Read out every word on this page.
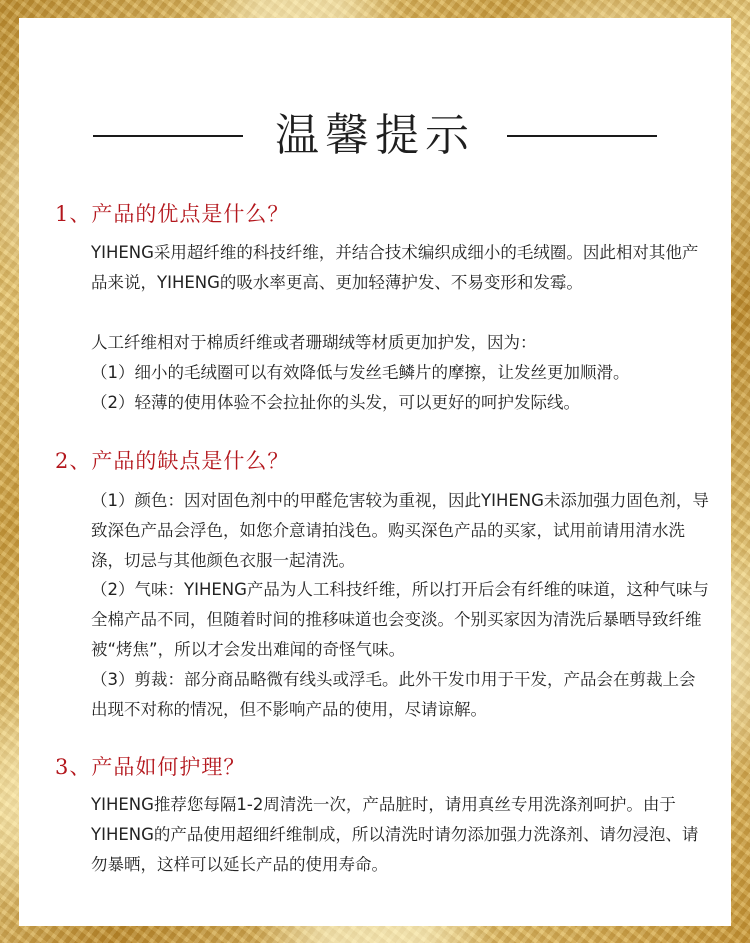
温馨提示
1、产品的优点是什么？

YIHENG采用超纤维的科技纤维，并结合技术编织成细小的毛绒圈。因此相对其他产品来说，YIHENG的吸水率更高、更加轻薄护发、不易变形和发霉。

人工纤维相对于棉质纤维或者珊瑚绒等材质更加护发，因为：

（1）细小的毛绒圈可以有效降低与发丝毛鳞片的摩擦，让发丝更加顺滑。

（2）轻薄的使用体验不会拉扯你的头发，可以更好的呵护发际线。

2、产品的缺点是什么？

（1）颜色：因对固色剂中的甲醛危害较为重视，因此YIHENG未添加强力固色剂，导致深色产品会浮色，如您介意请拍浅色。购买深色产品的买家，试用前请用清水洗涤，切忌与其他颜色衣服一起清洗。

（2）气味：YIHENG产品为人工科技纤维，所以打开后会有纤维的味道，这种气味与全棉产品不同，但随着时间的推移味道也会变淡。个别买家因为清洗后暴晒导致纤维被“烤焦”，所以才会发出难闻的奇怪气味。

（3）剪裁：部分商品略微有线头或浮毛。此外干发巾用于干发，产品会在剪裁上会出现不对称的情况，但不影响产品的使用，尽请谅解。

3、产品如何护理？

YIHENG推荐您每隔1-2周清洗一次，产品脏时，请用真丝专用洗涤剂呵护。由于YIHENG的产品使用超细纤维制成，所以清洗时请勿添加强力洗涤剂、请勿浸泡、请勿暴晒，这样可以延长产品的使用寿命。
